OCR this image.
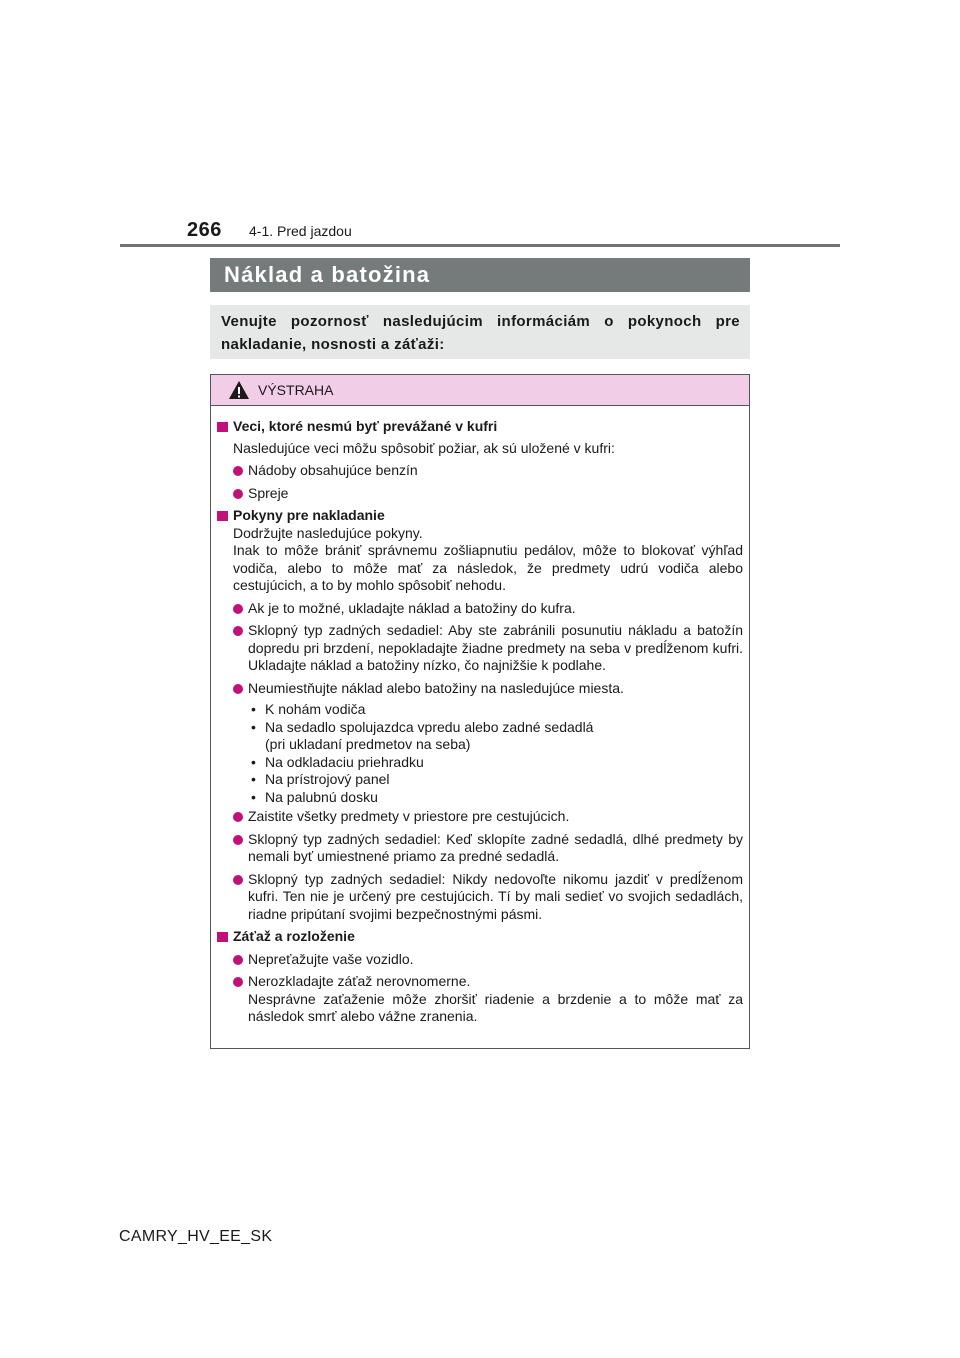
266 4-1. Pred jazdou
Náklad a batožina
Venujte pozornosť nasledujúcim informáciám o pokynoch pre nakladanie, nosnosti a záťaži:
VÝSTRAHA
Veci, ktoré nesmú byť prevážané v kufri
Nasledujúce veci môžu spôsobiť požiar, ak sú uložené v kufri:
Nádoby obsahujúce benzín
Spreje
Pokyny pre nakladanie
Dodržujte nasledujúce pokyny.
Inak to môže brániť správnemu zošliapnutiu pedálov, môže to blokovať výhľad vodiča, alebo to môže mať za následok, že predmety udrú vodiča alebo cestujúcich, a to by mohlo spôsobiť nehodu.
Ak je to možné, ukladajte náklad a batožiny do kufra.
Sklopný typ zadných sedadiel: Aby ste zabránili posunutiu nákladu a batožín dopredu pri brzdení, nepokladajte žiadne predmety na seba v predĺženom kufri. Ukladajte náklad a batožiny nízko, čo najnižšie k podlahe.
Neumiestňujte náklad alebo batožiny na nasledujúce miesta.
• K nohám vodiča
• Na sedadlo spolujazdca vpredu alebo zadné sedadlá
(pri ukladaní predmetov na seba)
• Na odkladaciu priehradku
• Na prístrojový panel
• Na palubnú dosku
Zaistite všetky predmety v priestore pre cestujúcich.
Sklopný typ zadných sedadiel: Keď sklopíte zadné sedadlá, dlhé predmety by nemali byť umiestnené priamo za predné sedadlá.
Sklopný typ zadných sedadiel: Nikdy nedovoľte nikomu jazdiť v predĺženom kufri. Ten nie je určený pre cestujúcich. Tí by mali sedieť vo svojich sedadlách, riadne pripútaní svojimi bezpečnostnými pásmi.
Záťaž a rozloženie
Nepreťažujte vaše vozidlo.
Nerozkladajte záťaž nerovnomerne.
Nesprávne zaťaženie môže zhoršiť riadenie a brzdenie a to môže mať za následok smrť alebo vážne zranenia.
CAMRY_HV_EE_SK
